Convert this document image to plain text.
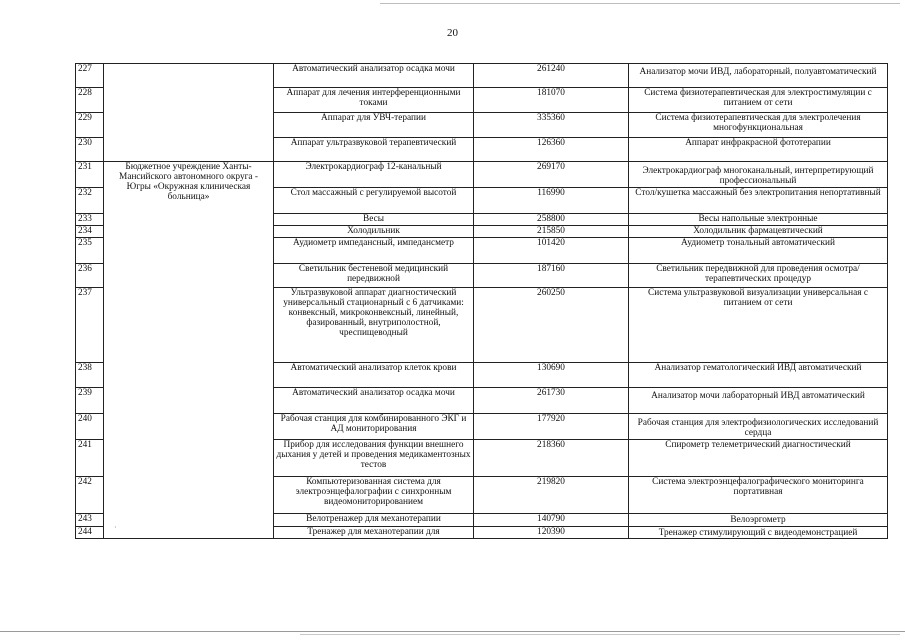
20
227		Автоматический анализатор осадка мочи	261240	Анализатор мочи ИВД, лабораторный, полуавтоматический
228		Аппарат для лечения интерференционными токами	181070	Система физиотерапевтическая для электростимуляции с питанием от сети
229		Аппарат для УВЧ-терапии	335360	Система физиотерапевтическая для электролечения многофункциональная
230		Аппарат ультразвуковой терапевтический	126360	Аппарат инфракрасной фототерапии
231	Бюджетное учреждение Ханты-Мансийского автономного округа - Югры «Окружная клиническая больница»	Электрокардиограф 12-канальный	269170	Электрокардиограф многоканальный, интерпретирующий профессиональный
232		Стол массажный с регулируемой высотой	116990	Стол/кушетка массажный без электропитания непортативный
233		Весы	258800	Весы напольные электронные
234		Холодильник	215850	Холодильник фармацевтический
235		Аудиометр импедансный, импедансметр	101420	Аудиометр тональный автоматический
236		Светильник бестеневой медицинский передвижной	187160	Светильник передвижной для проведения осмотра/терапевтических процедур
237		Ультразвуковой аппарат диагностический универсальный стационарный с 6 датчиками: конвексный, микроконвексный, линейный, фазированный, внутриполостной, чреспищеводный	260250	Система ультразвуковой визуализации универсальная с питанием от сети
238		Автоматический анализатор клеток крови	130690	Анализатор гематологический ИВД автоматический
239		Автоматический анализатор осадка мочи	261730	Анализатор мочи лабораторный ИВД автоматический
240		Рабочая станция для комбинированного ЭКГ и АД мониторирования	177920	Рабочая станция для электрофизиологических исследований сердца
241		Прибор для исследования функции внешнего дыхания у детей и проведения медикаментозных тестов	218360	Спирометр телеметрический диагностический
242		Компьютеризованная система для электроэнцефалографии с синхронным видеомониторированием	219820	Система электроэнцефалографического мониторинга портативная
243		Велотренажер для механотерапии	140790	Велоэргометр
244		Тренажер для механотерапии для	120390	Тренажер стимулирующий с видеодемонстрацией
·
